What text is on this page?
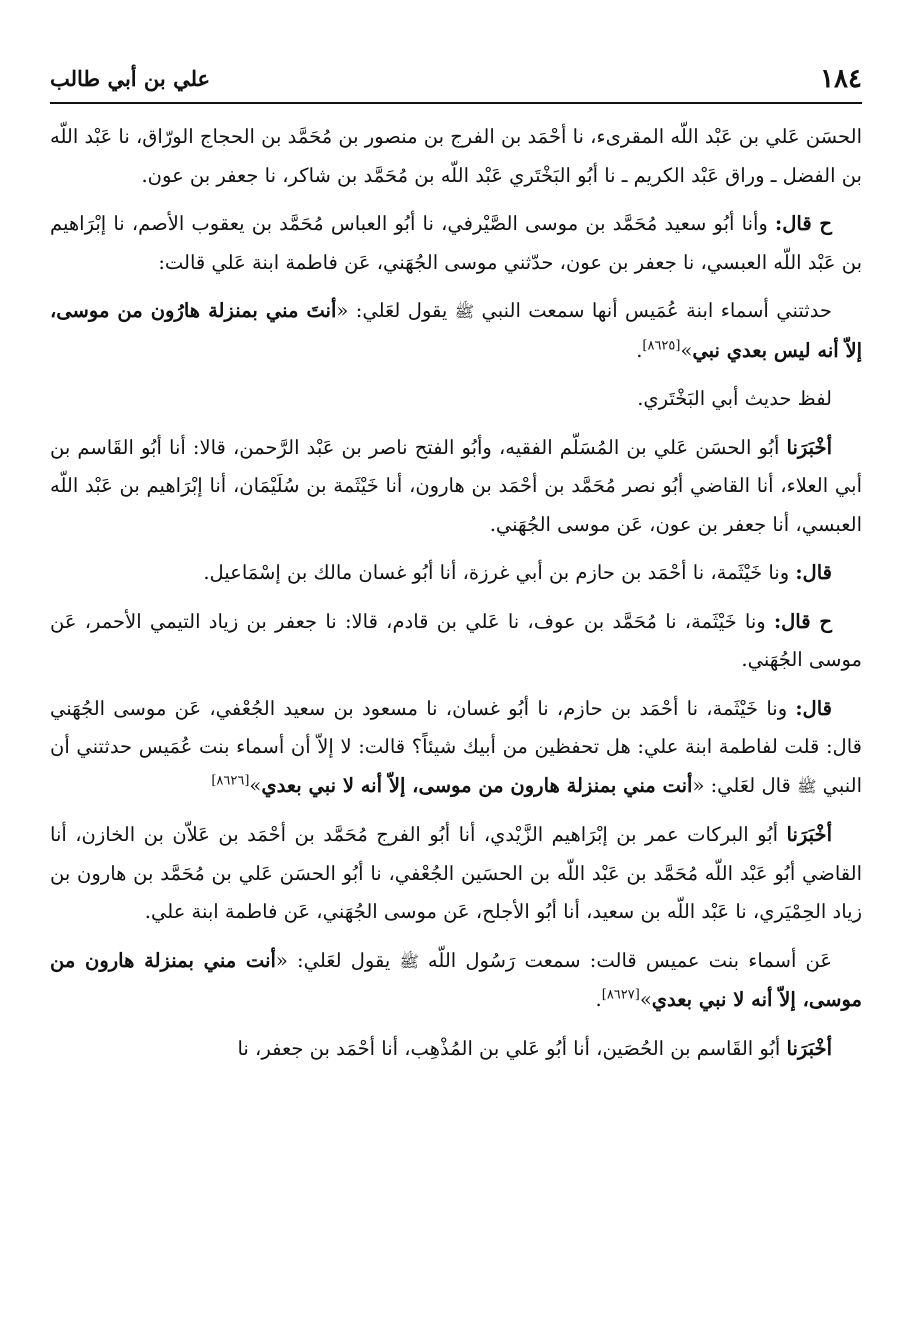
١٨٤
علي بن أبي طالب

الحسَن عَلي بن عَبْد اللّه المقرىء، نا أحْمَد بن الفرج بن منصور بن مُحَمَّد بن الحجاج الورّاق، نا عَبْد اللّه بن الفضل ـ وراق عَبْد الكريم ـ نا أبُو البَخْتَري عَبْد اللّه بن مُحَمَّد بن شاكر، نا جعفر بن عون.

ح قال: وأنا أبُو سعيد مُحَمَّد بن موسى الصَّيْرفي، نا أبُو العباس مُحَمَّد بن يعقوب الأصم، نا إبْرَاهيم بن عَبْد اللّه العبسي، نا جعفر بن عون، حدّثني موسى الجُهَني، عَن فاطمة ابنة عَلي قالت:

حدثتني أسماء ابنة عُمَيس أنها سمعت النبي ﷺ يقول لعَلي: «أنتَ مني بمنزلة هارُون من موسى، إلاّ أنه ليس بعدي نبي»[٨٦٢٥].

لفظ حديث أبي البَخْتَري.

أخْبَرَنا أبُو الحسَن عَلي بن المُسَلّم الفقيه، وأبُو الفتح ناصر بن عَبْد الرَّحمن، قالا: أنا أبُو القَاسم بن أبي العلاء، أنا القاضي أبُو نصر مُحَمَّد بن أحْمَد بن هارون، أنا خَيْثَمة بن سُلَيْمَان، أنا إبْرَاهيم بن عَبْد اللّه العبسي، أنا جعفر بن عون، عَن موسى الجُهَني.

قال: ونا خَيْثَمة، نا أحْمَد بن حازم بن أبي غرزة، أنا أبُو غسان مالك بن إسْمَاعيل.

ح قال: ونا خَيْثَمة، نا مُحَمَّد بن عوف، نا عَلي بن قادم، قالا: نا جعفر بن زياد التيمي الأحمر، عَن موسى الجُهَني.

قال: ونا خَيْثَمة، نا أحْمَد بن حازم، نا أبُو غسان، نا مسعود بن سعيد الجُعْفي، عَن موسى الجُهَني قال: قلت لفاطمة ابنة علي: هل تحفظين من أبيك شيئاً؟ قالت: لا إلاّ أن أسماء بنت عُمَيس حدثتني أن النبي ﷺ قال لعَلي: «أنت مني بمنزلة هارون من موسى، إلاّ أنه لا نبي بعدي»[٨٦٢٦]

أخْبَرَنا أبُو البركات عمر بن إبْرَاهيم الزَّيْدي، أنا أبُو الفرج مُحَمَّد بن أحْمَد بن عَلاّن بن الخازن، أنا القاضي أبُو عَبْد اللّه مُحَمَّد بن عَبْد اللّه بن الحسَين الجُعْفي، نا أبُو الحسَن عَلي بن مُحَمَّد بن هارون بن زياد الحِمْيَري، نا عَبْد اللّه بن سعيد، أنا أبُو الأجلح، عَن موسى الجُهَني، عَن فاطمة ابنة علي.

عَن أسماء بنت عميس قالت: سمعت رَسُول اللّه ﷺ يقول لعَلي: «أنت مني بمنزلة هارون من موسى، إلاّ أنه لا نبي بعدي»[٨٦٢٧].

أخْبَرَنا أبُو القَاسم بن الحُصَين، أنا أبُو عَلي بن المُذْهِب، أنا أحْمَد بن جعفر، نا
